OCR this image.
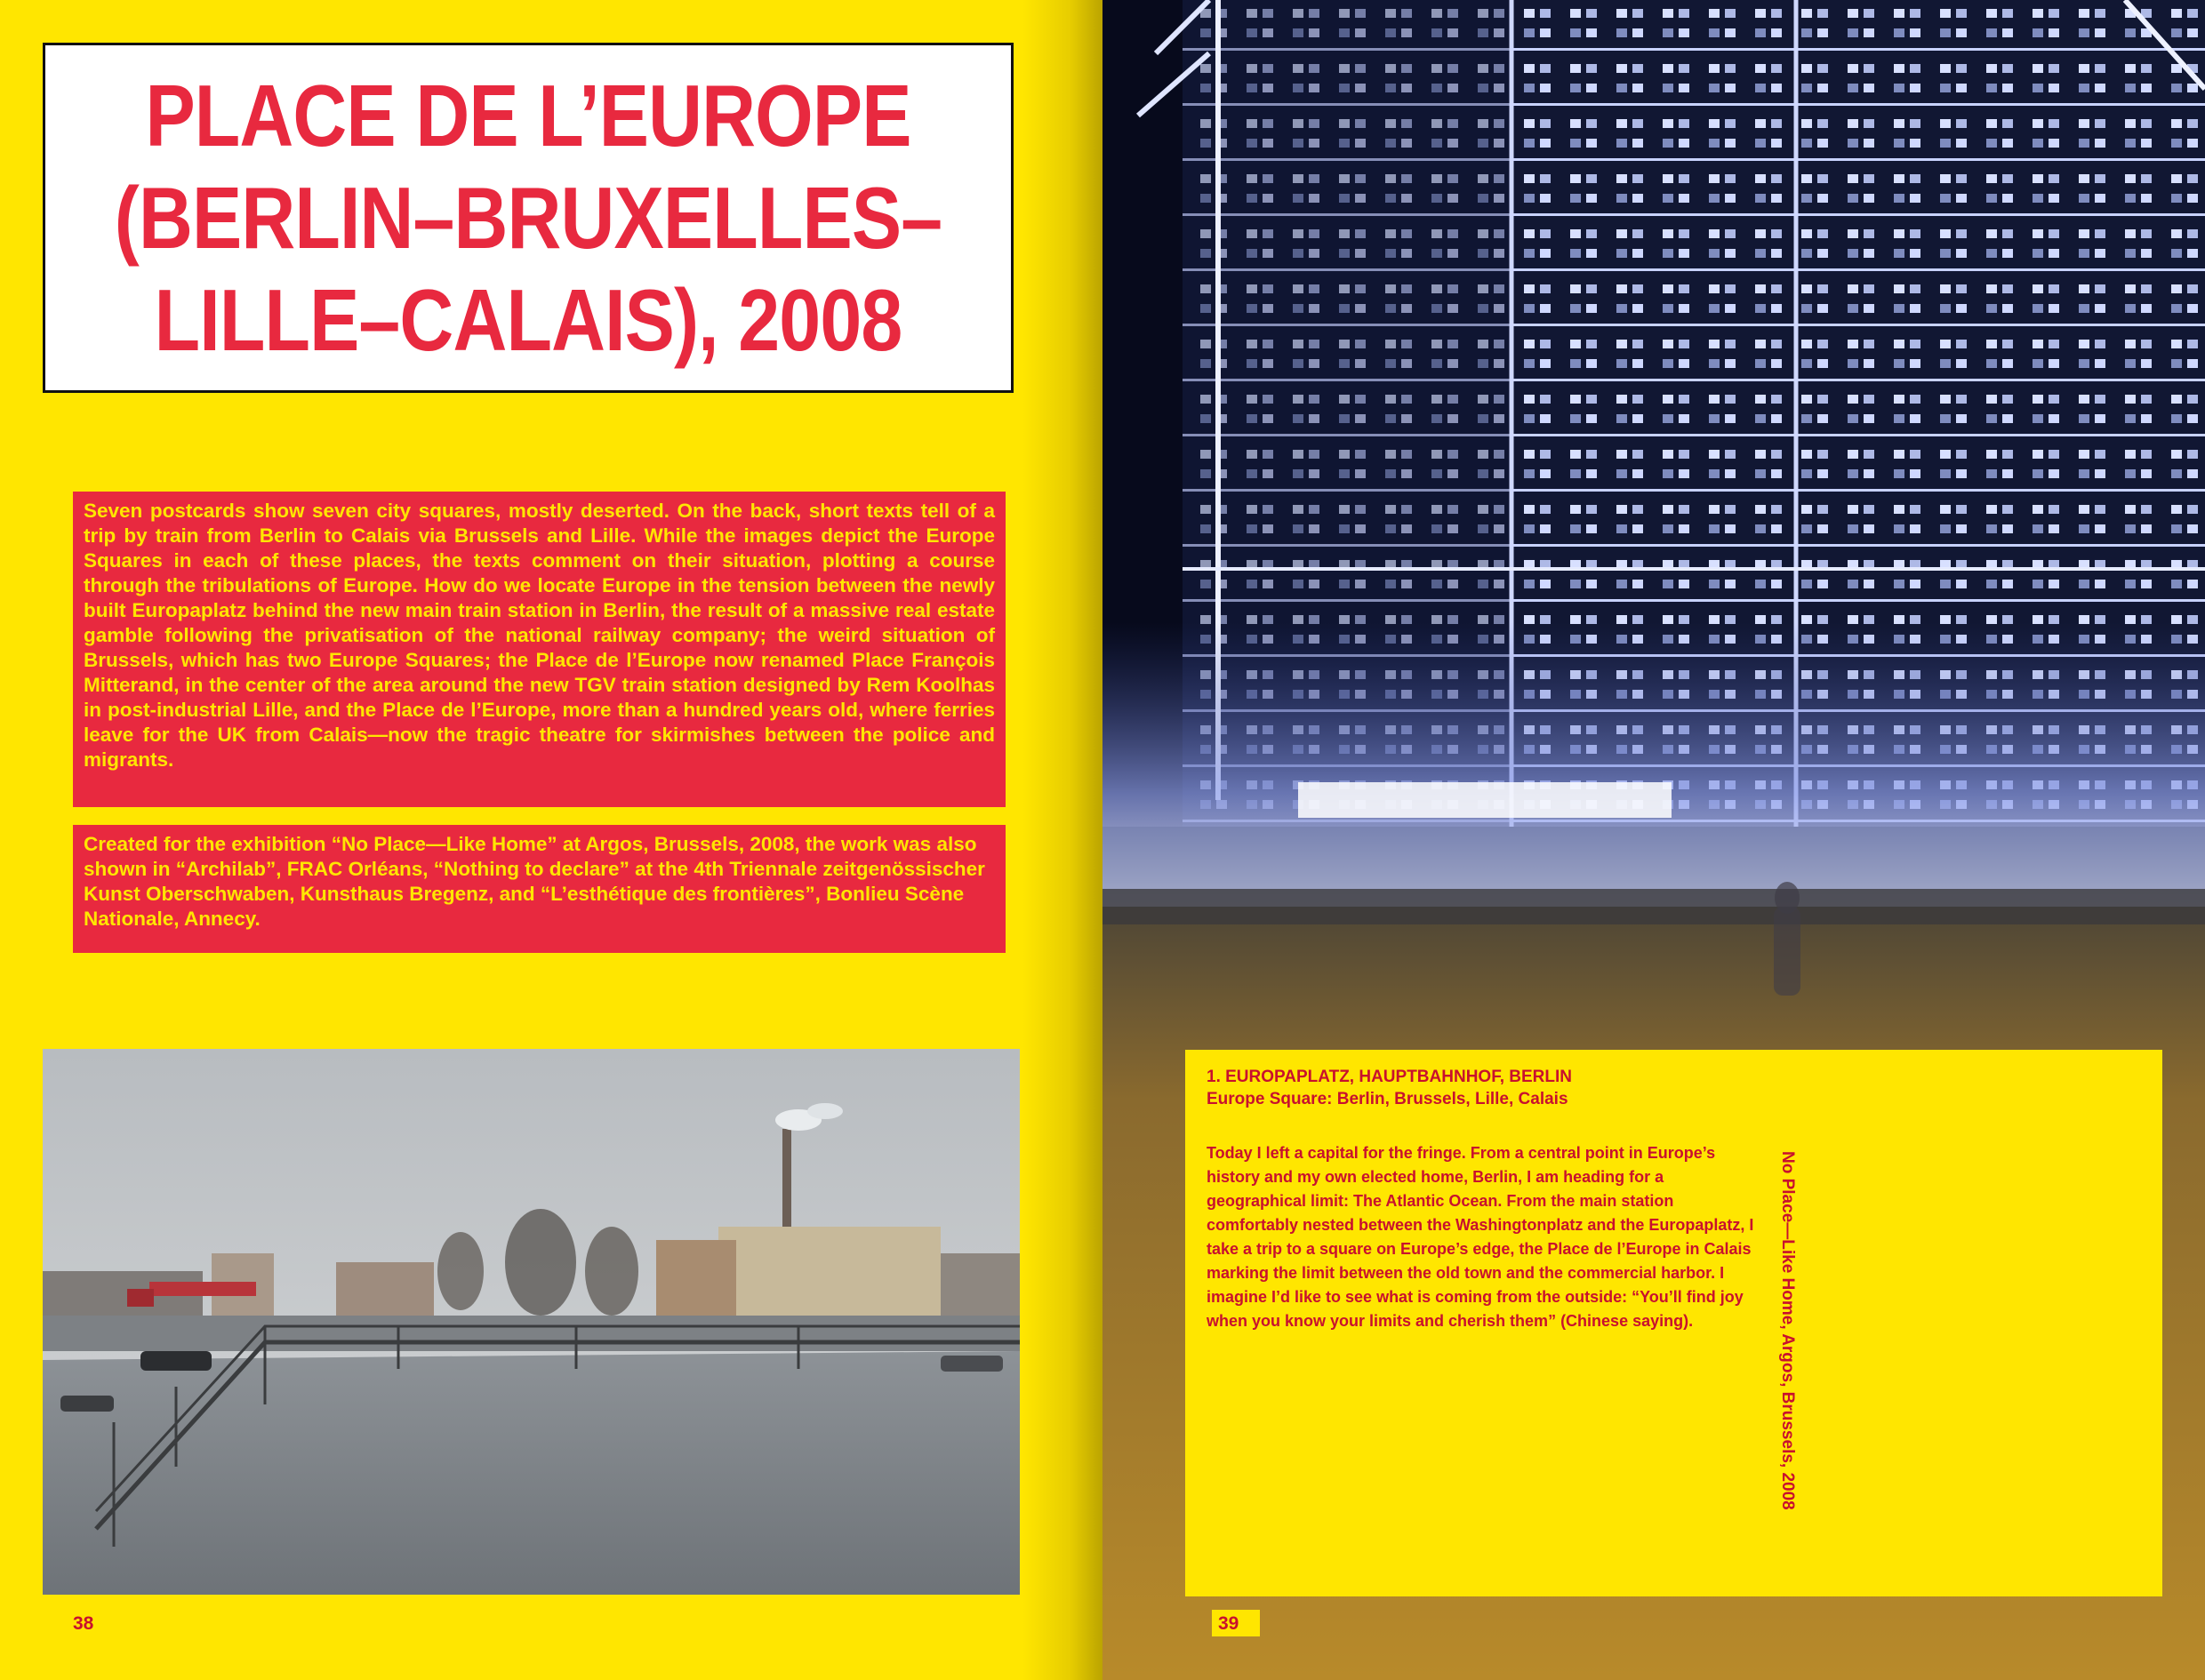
PLACE DE L’EUROPE
(BERLIN–BRUXELLES–
LILLE–CALAIS), 2008
Seven postcards show seven city squares, mostly deserted. On the back, short texts tell of a trip by train from Berlin to Calais via Brussels and Lille. While the images depict the Europe Squares in each of these places, the texts comment on their situation, plotting a course through the tribulations of Europe. How do we locate Europe in the tension between the newly built Europaplatz behind the new main train station in Berlin, the result of a massive real estate gamble following the privatisation of the national railway company; the weird situation of Brussels, which has two Europe Squares; the Place de l’Europe now renamed Place François Mitterand, in the center of the area around the new TGV train station designed by Rem Koolhas in post-industrial Lille, and the Place de l’Europe, more than a hundred years old, where ferries leave for the UK from Calais—now the tragic theatre for skirmishes between the police and migrants.
Created for the exhibition “No Place—Like Home” at Argos, Brussels, 2008, the work was also shown in “Archilab”, FRAC Orléans, “Nothing to declare” at the 4th Triennale zeitgenössischer Kunst Oberschwaben, Kunsthaus Bregenz, and “L’esthétique des frontières”, Bonlieu Scène Nationale, Annecy.
38
1. EUROPAPLATZ, HAUPTBAHNHOF, BERLIN
Europe Square: Berlin, Brussels, Lille, Calais
Today I left a capital for the fringe. From a central point in Europe’s history and my own elected home, Berlin, I am heading for a geographical limit: The Atlantic Ocean. From the main station comfortably nested between the Washingtonplatz and the Europaplatz, I take a trip to a square on Europe’s edge, the Place de l’Europe in Calais marking the limit between the old town and the commercial harbor. I imagine I’d like to see what is coming from the outside: “You’ll find joy when you know your limits and cherish them” (Chinese saying).	No Place—Like Home, Argos, Brussels, 2008
39
